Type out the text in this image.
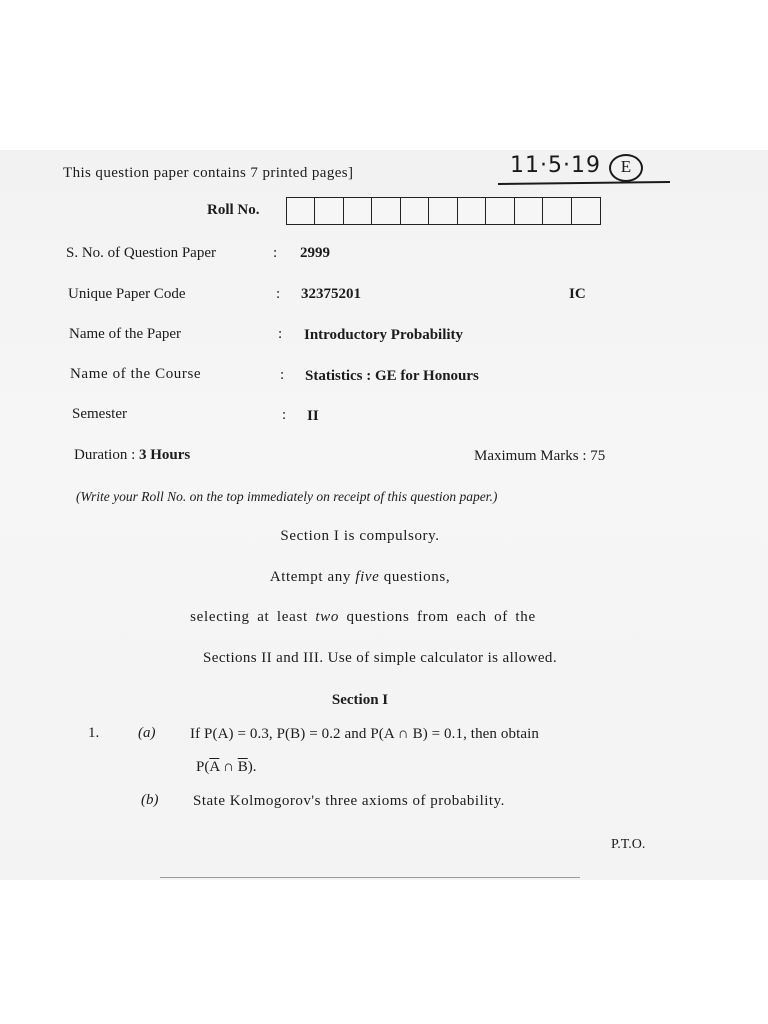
This question paper contains 7 printed pages]	11·5·19 E
Roll No.
S. No. of Question Paper	: 2999
Unique Paper Code	: 32375201	IC
Name of the Paper	: Introductory Probability
Name of the Course	: Statistics : GE for Honours
Semester	: II
Duration : 3 Hours	Maximum Marks : 75
(Write your Roll No. on the top immediately on receipt of this question paper.)
Section I is compulsory.
Attempt any five questions,
selecting at least two questions from each of the
Sections II and III. Use of simple calculator is allowed.
Section I
1.	(a) If P(A) = 0.3, P(B) = 0.2 and P(A ∩ B) = 0.1, then obtain
$P(\overline{A}$ ∩ $\overline{B}$).
(b) State Kolmogorov's three axioms of probability.
P.T.O.
